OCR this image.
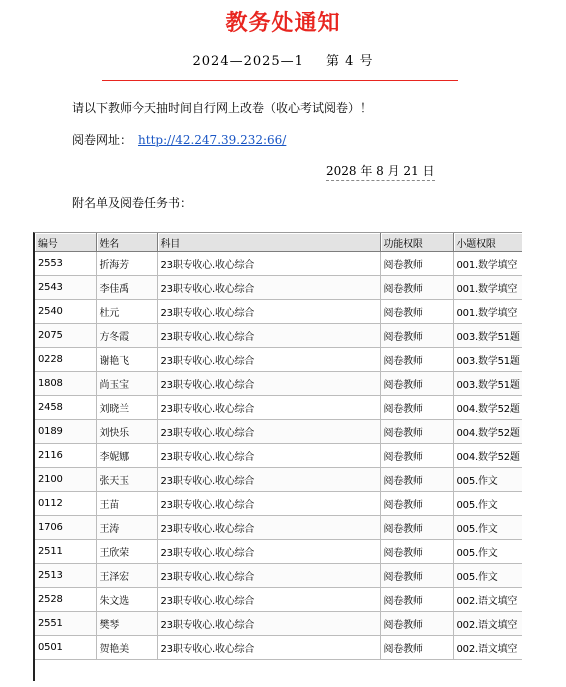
教务处通知
2024—2025—1 第 4 号
请以下教师今天抽时间自行网上改卷（收心考试阅卷）！
阅卷网址： http://42.247.39.232:66/
2028 年 8 月 21 日
附名单及阅卷任务书：
编号	姓名	科目	功能权限	小题权限
2553	折海芳	23职专收心.收心综合	阅卷教师	001.数学填空
2543	李佳禹	23职专收心.收心综合	阅卷教师	001.数学填空
2540	杜元	23职专收心.收心综合	阅卷教师	001.数学填空
2075	方冬霞	23职专收心.收心综合	阅卷教师	003.数学51题
0228	谢艳飞	23职专收心.收心综合	阅卷教师	003.数学51题
1808	尚玉宝	23职专收心.收心综合	阅卷教师	003.数学51题
2458	刘晓兰	23职专收心.收心综合	阅卷教师	004.数学52题
0189	刘快乐	23职专收心.收心综合	阅卷教师	004.数学52题
2116	李妮娜	23职专收心.收心综合	阅卷教师	004.数学52题
2100	张天玉	23职专收心.收心综合	阅卷教师	005.作文
0112	王苗	23职专收心.收心综合	阅卷教师	005.作文
1706	王涛	23职专收心.收心综合	阅卷教师	005.作文
2511	王欣荣	23职专收心.收心综合	阅卷教师	005.作文
2513	王泽宏	23职专收心.收心综合	阅卷教师	005.作文
2528	朱文选	23职专收心.收心综合	阅卷教师	002.语文填空
2551	樊琴	23职专收心.收心综合	阅卷教师	002.语文填空
0501	贺艳美	23职专收心.收心综合	阅卷教师	002.语文填空
